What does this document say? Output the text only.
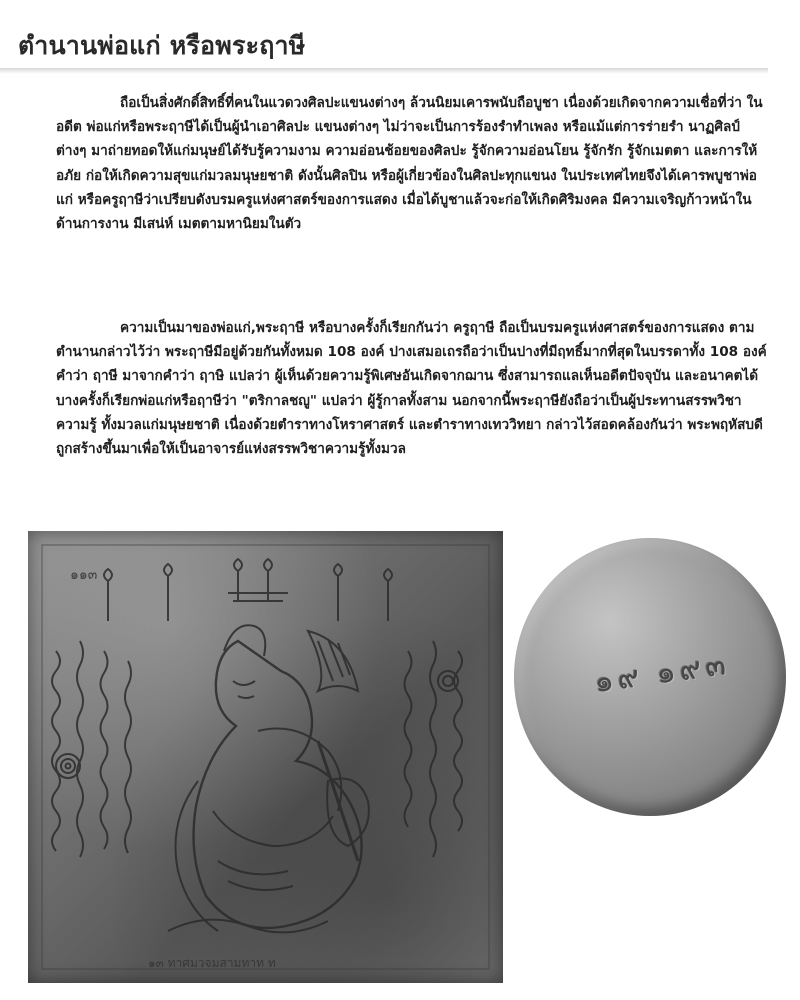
ตำนานพ่อแก่ หรือพระฤาษี

ถือเป็นสิ่งศักดิ์สิทธิ์ที่คนในแวดวงศิลปะแขนงต่างๆ ล้วนนิยมเคารพนับถือบูชา เนื่องด้วยเกิดจากความเชื่อที่ว่า ในอดีต พ่อแก่หรือพระฤาษีได้เป็นผู้นำเอาศิลปะ แขนงต่างๆ ไม่ว่าจะเป็นการร้องรำทำเพลง หรือแม้แต่การร่ายรำ นาฏศิลป์ต่างๆ มาถ่ายทอดให้แก่มนุษย์ได้รับรู้ความงาม ความอ่อนช้อยของศิลปะ รู้จักความอ่อนโยน รู้จักรัก รู้จักเมตตา และการให้อภัย ก่อให้เกิดความสุขแก่มวลมนุษยชาติ ดังนั้นศิลปิน หรือผู้เกี่ยวข้องในศิลปะทุกแขนง ในประเทศไทยจึงได้เคารพบูชาพ่อแก่ หรือครูฤาษีว่าเปรียบดังบรมครูแห่งศาสตร์ของการแสดง เมื่อได้บูชาแล้วจะก่อให้เกิดศิริมงคล มีความเจริญก้าวหน้าในด้านการงาน มีเสน่ห์ เมตตามหานิยมในตัว

ความเป็นมาของพ่อแก่,พระฤาษี หรือบางครั้งก็เรียกกันว่า ครูฤาษี ถือเป็นบรมครูแห่งศาสตร์ของการแสดง ตามตำนานกล่าวไว้ว่า พระฤาษีมีอยู่ด้วยกันทั้งหมด 108 องค์ ปางเสมอเถรถือว่าเป็นปางที่มีฤทธิ์มากที่สุดในบรรดาทั้ง 108 องค์ คำว่า ฤาษี มาจากคำว่า ฤาษิ แปลว่า ผู้เห็นด้วยความรู้พิเศษอันเกิดจากฌาน ซึ่งสามารถแลเห็นอดีตปัจจุบัน และอนาคตได้ บางครั้งก็เรียกพ่อแก่หรือฤาษีว่า "ตริกาลชญู" แปลว่า ผู้รู้กาลทั้งสาม นอกจากนี้พระฤาษียังถือว่าเป็นผู้ประทานสรรพวิชาความรู้ ทั้งมวลแก่มนุษยชาติ เนื่องด้วยตำราทางโหราศาสตร์ และตำราทางเทววิทยา กล่าวไว้สอดคล้องกันว่า พระพฤหัสบดีถูกสร้างขึ้นมาเพื่อให้เป็นอาจารย์แห่งสรรพวิชาความรู้ทั้งมวล

๑๑๓
๑๓ ทาศมวจมสามทาท ท
๑๙ ๑๙๓
